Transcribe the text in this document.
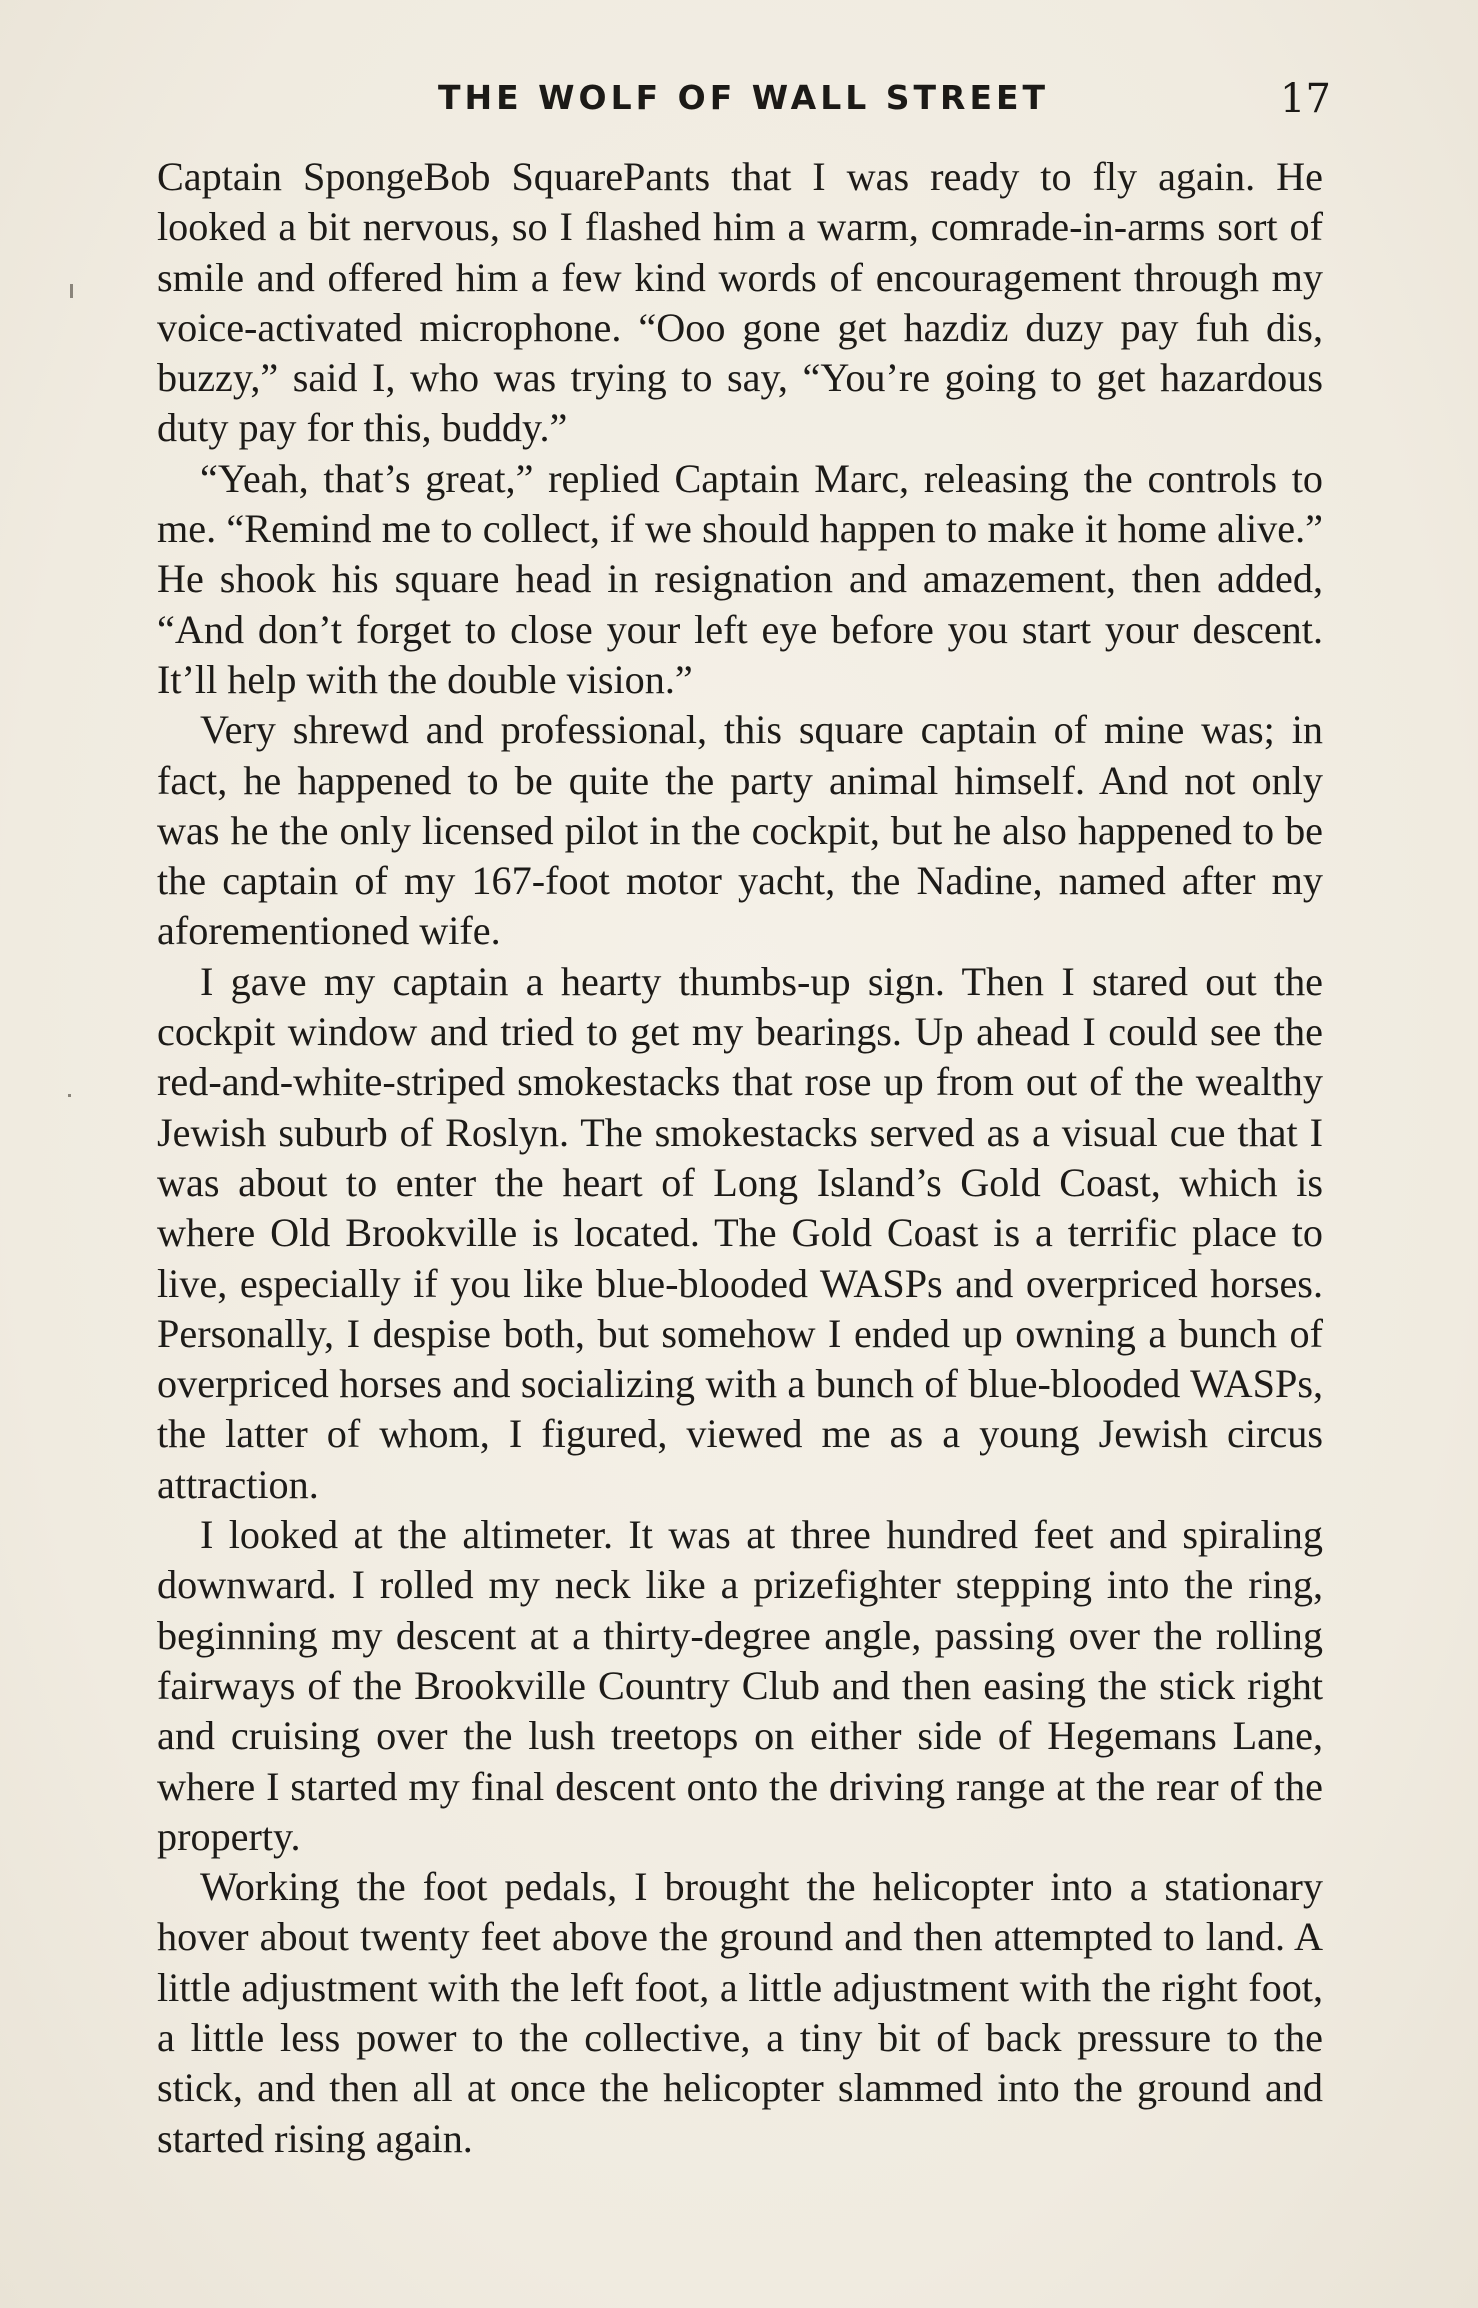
THE WOLF OF WALL STREET	17

Captain SpongeBob SquarePants that I was ready to fly again. He looked a bit nervous, so I flashed him a warm, comrade-in-arms sort of smile and offered him a few kind words of encouragement through my voice-activated microphone. “Ooo gone get hazdiz duzy pay fuh dis, buzzy,” said I, who was trying to say, “You’re going to get hazardous duty pay for this, buddy.”

“Yeah, that’s great,” replied Captain Marc, releasing the controls to me. “Remind me to collect, if we should happen to make it home alive.” He shook his square head in resignation and amazement, then added, “And don’t forget to close your left eye before you start your descent. It’ll help with the double vision.”

Very shrewd and professional, this square captain of mine was; in fact, he happened to be quite the party animal himself. And not only was he the only licensed pilot in the cockpit, but he also happened to be the captain of my 167-foot motor yacht, the Nadine, named after my aforementioned wife.

I gave my captain a hearty thumbs-up sign. Then I stared out the cockpit window and tried to get my bearings. Up ahead I could see the red-and-white-striped smokestacks that rose up from out of the wealthy Jewish suburb of Roslyn. The smokestacks served as a visual cue that I was about to enter the heart of Long Island’s Gold Coast, which is where Old Brookville is located. The Gold Coast is a terrific place to live, especially if you like blue-blooded WASPs and overpriced horses. Personally, I despise both, but somehow I ended up owning a bunch of overpriced horses and socializing with a bunch of blue-blooded WASPs, the latter of whom, I figured, viewed me as a young Jewish circus attraction.

I looked at the altimeter. It was at three hundred feet and spiraling downward. I rolled my neck like a prizefighter stepping into the ring, beginning my descent at a thirty-degree angle, passing over the rolling fairways of the Brookville Country Club and then easing the stick right and cruising over the lush treetops on either side of Hegemans Lane, where I started my final descent onto the driving range at the rear of the property.

Working the foot pedals, I brought the helicopter into a stationary hover about twenty feet above the ground and then attempted to land. A little adjustment with the left foot, a little adjustment with the right foot, a little less power to the collective, a tiny bit of back pressure to the stick, and then all at once the helicopter slammed into the ground and started rising again.
